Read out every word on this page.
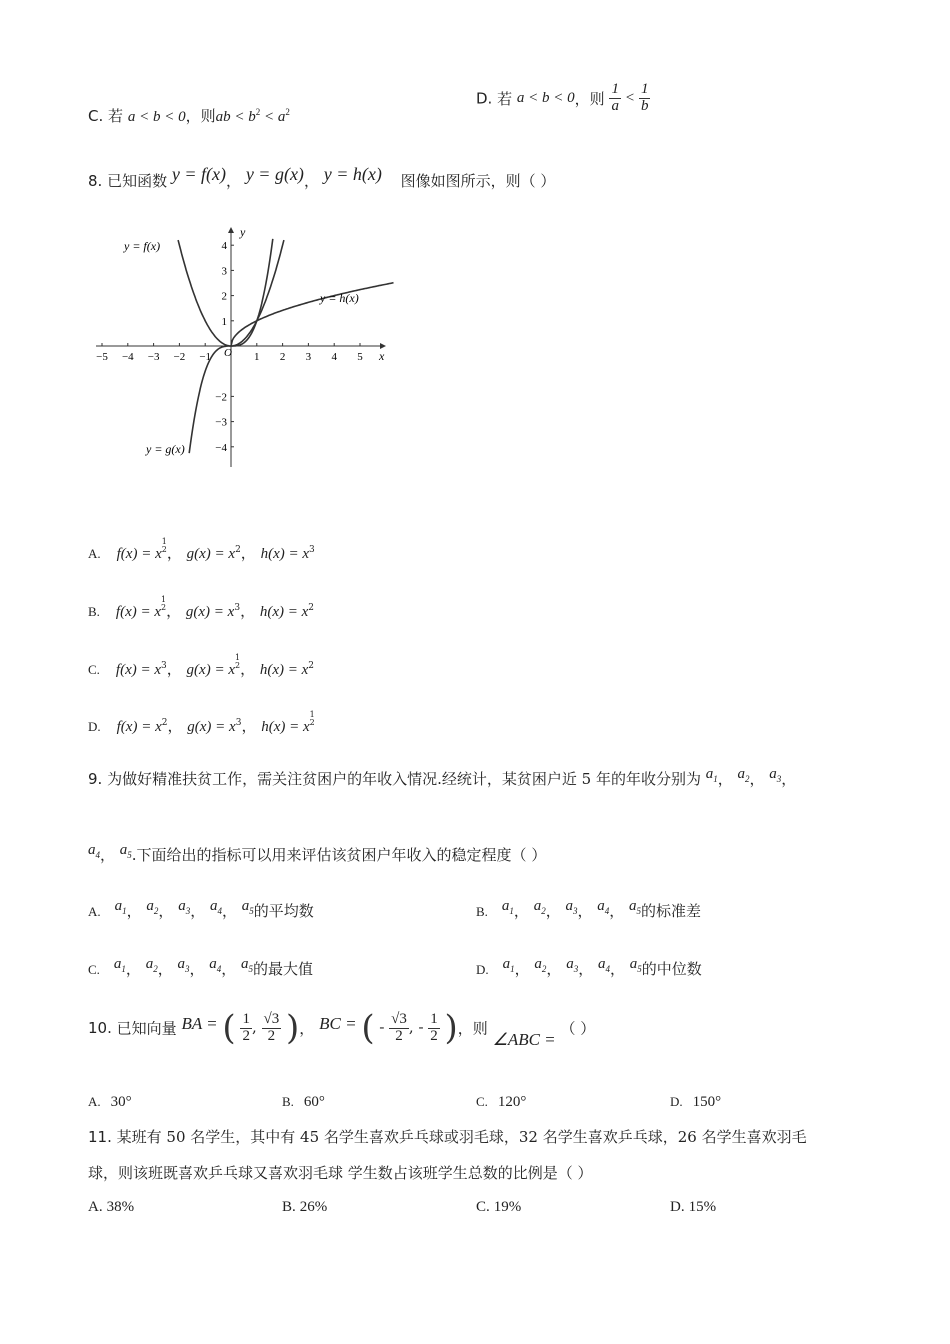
C. 若 a < b < 0，则ab < $b^2 < a^2$
D. 若 a < b < 0，则 $\frac{1}{a} < \frac{1}{b}$
8. 已知函数 y = f(x)， y = g(x)， y = h(x) 图像如图所示，则（ ）
−5 −4 −3 −2 −1	1 2 3 4 5
4
3
2
1
−2
−3
−4
y = f(x)
y = g(x)
y = h(x)
x
y
O
A. f(x) = x
1
2 ， $g(x) = x^2$， $h(x) = x^3$
B. f(x) = x
1
2 ， $g(x) = x^3$， $h(x) = x^2$
C. $f(x) = x^3$， g(x) = x
1
2 ， $h(x) = x^2$
D. $f(x) = x^2$， $g(x) = x^3$， h(x) = x
1
2
9. 为做好精准扶贫工作，需关注贫困户的年收入情况.经统计，某贫困户近 5 年的年收分别为 $a_1$， $a_2$， $a_3$，
$a_4$， $a_5$.下面给出的指标可以用来评估该贫困户年收入的稳定程度（ ）
A. $a_1$， $a_2$， $a_3$， $a_4$， $a_5$的平均数	B. $a_1$， $a_2$， $a_3$， $a_4$， $a_5$的标准差
C. $a_1$， $a_2$， $a_3$， $a_4$， $a_5$的最大值	D. $a_1$， $a_2$， $a_3$， $a_4$， $a_5$的中位数
10. 已知向量 BA = ( $\frac{1}{2}$ , $\frac{√3}{2}$ )， BC = ( - $\frac{√3}{2}$ , - $\frac{1}{2}$ )，则 ∠ABC = （ ）
A. 30°	B. 60°	C. 120°	D. 150°
11. 某班有 50 名学生，其中有 45 名学生喜欢乒乓球或羽毛球，32 名学生喜欢乒乓球，26 名学生喜欢羽毛
球，则该班既喜欢乒乓球又喜欢羽毛球 学生数占该班学生总数的比例是（ ）
A. 38%	B. 26%	C. 19%	D. 15%
